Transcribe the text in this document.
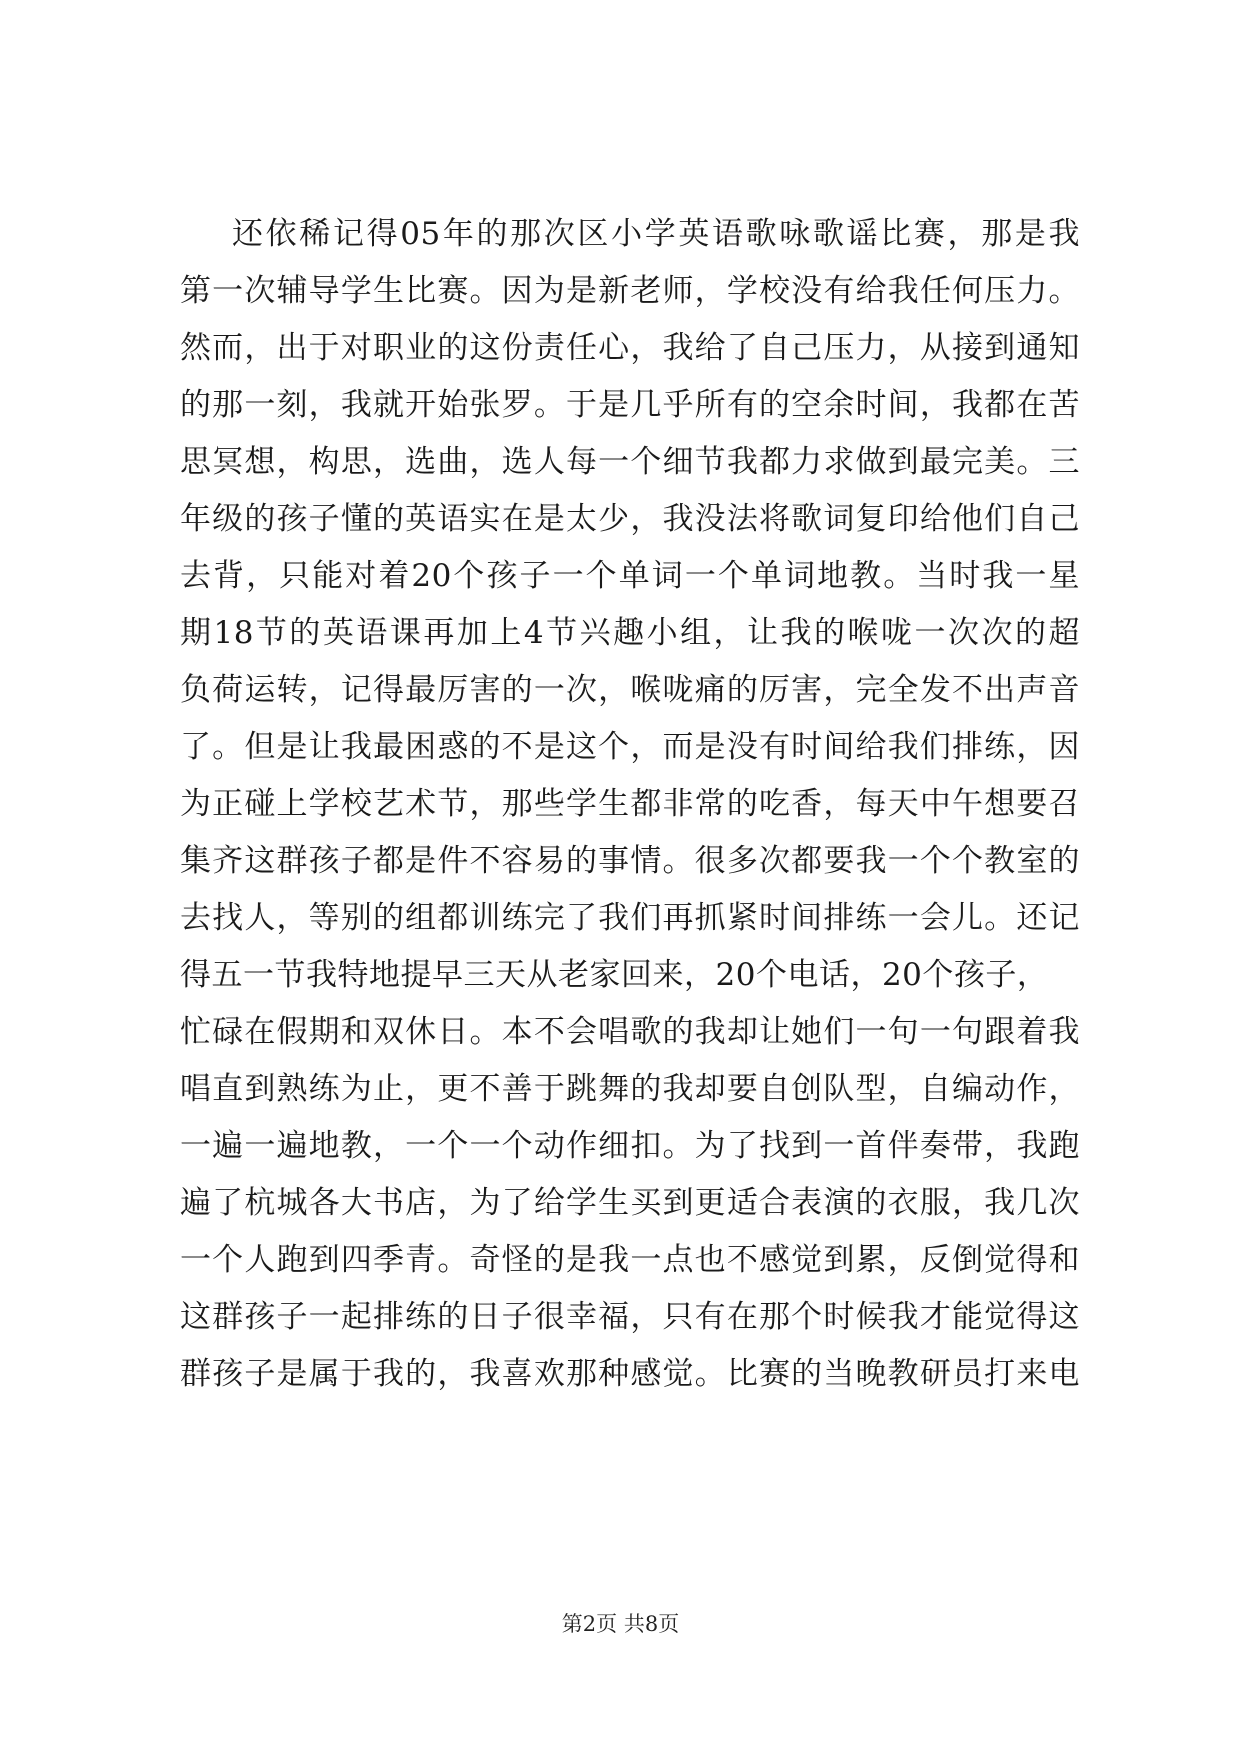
还依稀记得05年的那次区小学英语歌咏歌谣比赛，那是我
第一次辅导学生比赛。因为是新老师，学校没有给我任何压力。
然而，出于对职业的这份责任心，我给了自己压力，从接到通知
的那一刻，我就开始张罗。于是几乎所有的空余时间，我都在苦
思冥想，构思，选曲，选人每一个细节我都力求做到最完美。三
年级的孩子懂的英语实在是太少，我没法将歌词复印给他们自己
去背，只能对着20个孩子一个单词一个单词地教。当时我一星
期18节的英语课再加上4节兴趣小组，让我的喉咙一次次的超
负荷运转，记得最厉害的一次，喉咙痛的厉害，完全发不出声音
了。但是让我最困惑的不是这个，而是没有时间给我们排练，因
为正碰上学校艺术节，那些学生都非常的吃香，每天中午想要召
集齐这群孩子都是件不容易的事情。很多次都要我一个个教室的
去找人，等别的组都训练完了我们再抓紧时间排练一会儿。还记
得五一节我特地提早三天从老家回来，20个电话，20个孩子，
忙碌在假期和双休日。本不会唱歌的我却让她们一句一句跟着我
唱直到熟练为止，更不善于跳舞的我却要自创队型，自编动作，
一遍一遍地教，一个一个动作细扣。为了找到一首伴奏带，我跑
遍了杭城各大书店，为了给学生买到更适合表演的衣服，我几次
一个人跑到四季青。奇怪的是我一点也不感觉到累，反倒觉得和
这群孩子一起排练的日子很幸福，只有在那个时候我才能觉得这
群孩子是属于我的，我喜欢那种感觉。比赛的当晚教研员打来电
第2页 共8页
